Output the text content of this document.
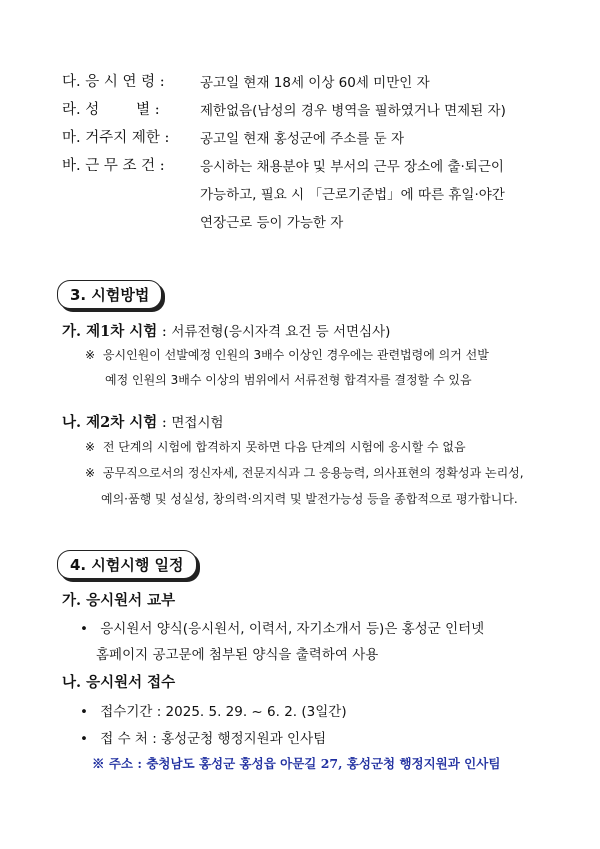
다. 응 시 연 령 :	공고일 현재 18세 이상 60세 미만인 자
라. 성        별 :	제한없음(남성의 경우 병역을 필하였거나 면제된 자)
마. 거주지 제한 : 공고일 현재 홍성군에 주소를 둔 자
바. 근 무 조 건 :	응시하는 채용분야 및 부서의 근무 장소에 출·퇴근이
가능하고, 필요 시 「근로기준법」에 따른 휴일·야간
연장근로 등이 가능한 자
3. 시험방법
가. 제1차 시험 : 서류전형(응시자격 요건 등 서면심사)
※ 응시인원이 선발예정 인원의 3배수 이상인 경우에는 관련법령에 의거 선발
예정 인원의 3배수 이상의 범위에서 서류전형 합격자를 결정할 수 있음
나. 제2차 시험 : 면접시험
※ 전 단계의 시험에 합격하지 못하면 다음 단계의 시험에 응시할 수 없음
※ 공무직으로서의 정신자세, 전문지식과 그 응용능력, 의사표현의 정확성과 논리성,
예의·품행 및 성실성, 창의력·의지력 및 발전가능성 등을 종합적으로 평가합니다.
4. 시험시행 일정
가. 응시원서 교부
• 응시원서 양식(응시원서, 이력서, 자기소개서 등)은 홍성군 인터넷
홈페이지 공고문에 첨부된 양식을 출력하여 사용
나. 응시원서 접수
• 접수기간 : 2025. 5. 29. ~ 6. 2. (3일간)
• 접 수 처 : 홍성군청 행정지원과 인사팀
※ 주소 : 충청남도 홍성군 홍성읍 아문길 27, 홍성군청 행정지원과 인사팀
